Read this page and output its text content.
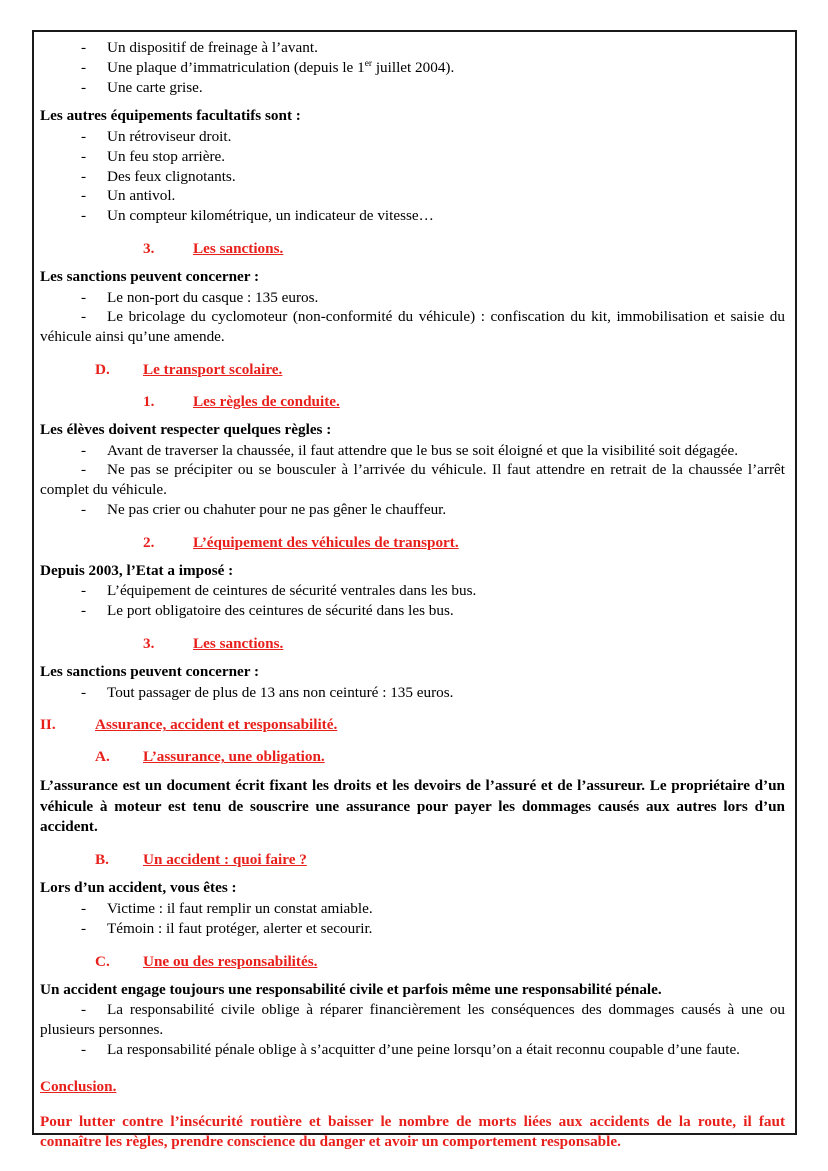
- Un dispositif de freinage à l’avant.

- Une plaque d’immatriculation (depuis le 1er juillet 2004).

- Une carte grise.

Les autres équipements facultatifs sont :

- Un rétroviseur droit.

- Un feu stop arrière.

- Des feux clignotants.

- Un antivol.

- Un compteur kilométrique, un indicateur de vitesse…

3.	Les sanctions.

Les sanctions peuvent concerner :

- Le non-port du casque : 135 euros.

- Le bricolage du cyclomoteur (non-conformité du véhicule) : confiscation du kit, immobilisation et saisie du véhicule ainsi qu’une amende.

D. Le transport scolaire.

1.	Les règles de conduite.

Les élèves doivent respecter quelques règles :

- Avant de traverser la chaussée, il faut attendre que le bus se soit éloigné et que la visibilité soit dégagée.

- Ne pas se précipiter ou se bousculer à l’arrivée du véhicule. Il faut attendre en retrait de la chaussée l’arrêt complet du véhicule.

- Ne pas crier ou chahuter pour ne pas gêner le chauffeur.

2.	L’équipement des véhicules de transport.

Depuis 2003, l’Etat a imposé :

- L’équipement de ceintures de sécurité ventrales dans les bus.

- Le port obligatoire des ceintures de sécurité dans les bus.

3.	Les sanctions.

Les sanctions peuvent concerner :

- Tout passager de plus de 13 ans non ceinturé : 135 euros.

II.	Assurance, accident et responsabilité.

A. L’assurance, une obligation.

L’assurance est un document écrit fixant les droits et les devoirs de l’assuré et de l’assureur. Le propriétaire d’un véhicule à moteur est tenu de souscrire une assurance pour payer les dommages causés aux autres lors d’un accident.

B. Un accident : quoi faire ?

Lors d’un accident, vous êtes :

- Victime : il faut remplir un constat amiable.

- Témoin : il faut protéger, alerter et secourir.

C. Une ou des responsabilités.

Un accident engage toujours une responsabilité civile et parfois même une responsabilité pénale.

- La responsabilité civile oblige à réparer financièrement les conséquences des dommages causés à une ou plusieurs personnes.

- La responsabilité pénale oblige à s’acquitter d’une peine lorsqu’on a était reconnu coupable d’une faute.

Conclusion.

Pour lutter contre l’insécurité routière et baisser le nombre de morts liées aux accidents de la route, il faut connaître les règles, prendre conscience du danger et avoir un comportement responsable.
